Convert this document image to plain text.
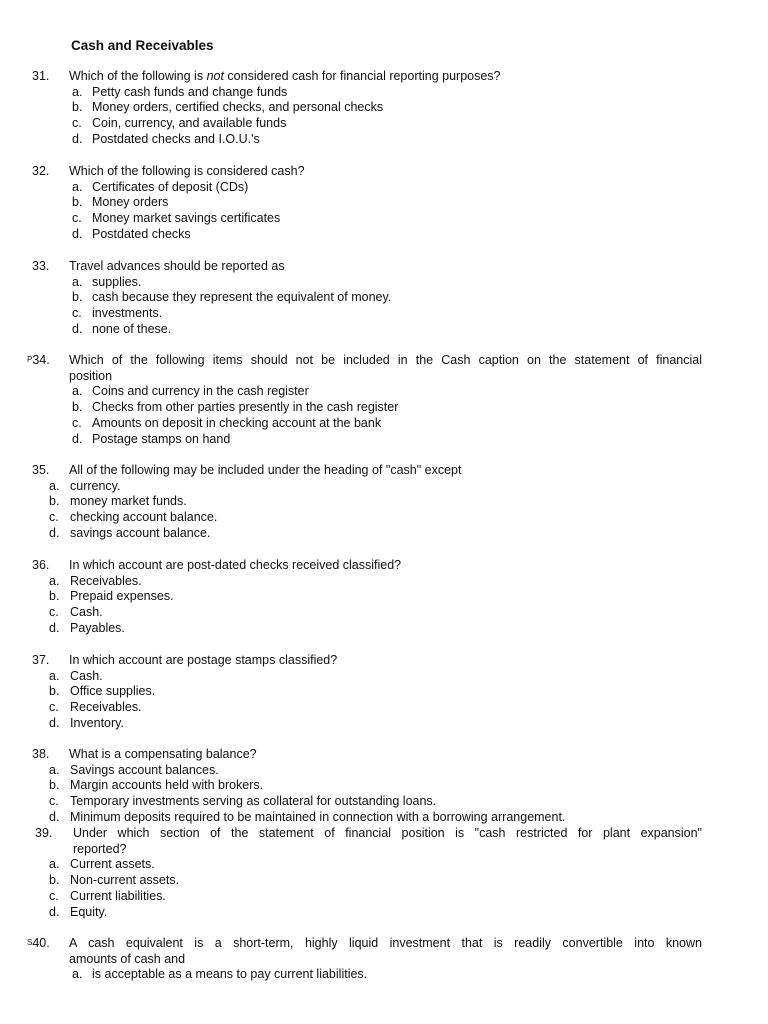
Cash and Receivables
31. Which of the following is not considered cash for financial reporting purposes?
a. Petty cash funds and change funds
b. Money orders, certified checks, and personal checks
c. Coin, currency, and available funds
d. Postdated checks and I.O.U.'s
32. Which of the following is considered cash?
a. Certificates of deposit (CDs)
b. Money orders
c. Money market savings certificates
d. Postdated checks
33. Travel advances should be reported as
a. supplies.
b. cash because they represent the equivalent of money.
c. investments.
d. none of these.
$^P$34. Which of the following items should not be included in the Cash caption on the statement of financial
position
a. Coins and currency in the cash register
b. Checks from other parties presently in the cash register
c. Amounts on deposit in checking account at the bank
d. Postage stamps on hand
35. All of the following may be included under the heading of "cash" except
a. currency.
b. money market funds.
c. checking account balance.
d. savings account balance.
36. In which account are post-dated checks received classified?
a. Receivables.
b. Prepaid expenses.
c. Cash.
d. Payables.
37. In which account are postage stamps classified?
a. Cash.
b. Office supplies.
c. Receivables.
d. Inventory.
38. What is a compensating balance?
a. Savings account balances.
b. Margin accounts held with brokers.
c. Temporary investments serving as collateral for outstanding loans.
d. Minimum deposits required to be maintained in connection with a borrowing arrangement.
39. Under which section of the statement of financial position is "cash restricted for plant expansion"
reported?
a. Current assets.
b. Non-current assets.
c. Current liabilities.
d. Equity.
$^S$40. A cash equivalent is a short-term, highly liquid investment that is readily convertible into known
amounts of cash and
a. is acceptable as a means to pay current liabilities.
